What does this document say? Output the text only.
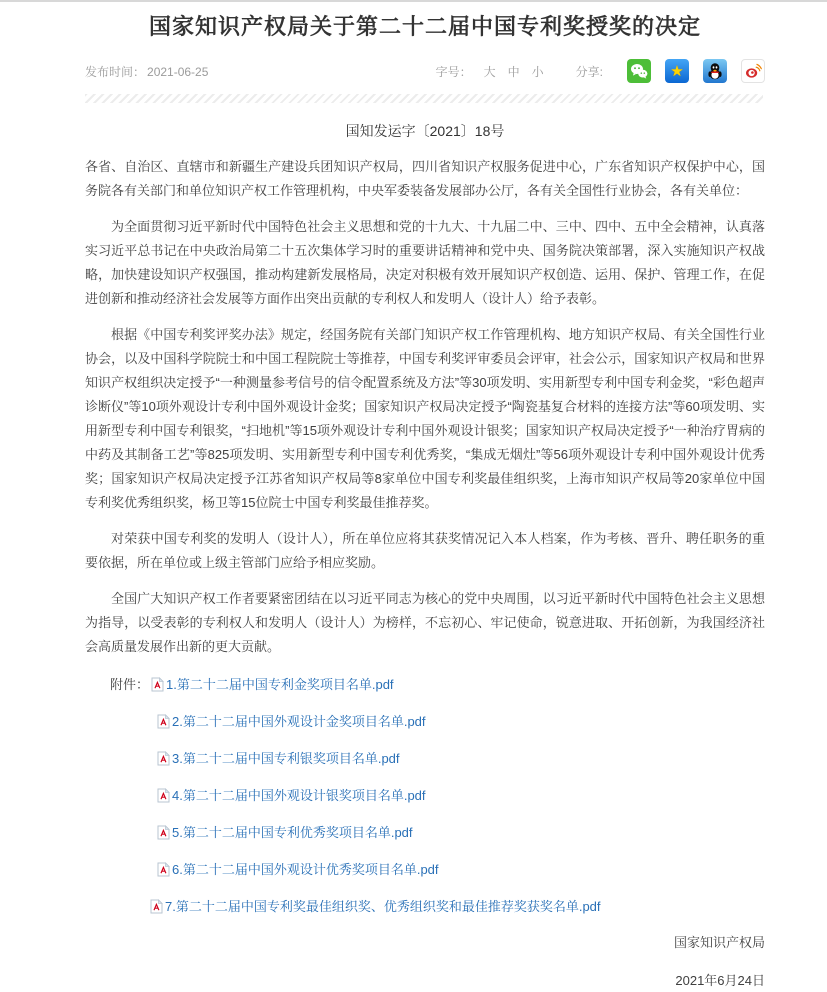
国家知识产权局关于第二十二届中国专利奖授奖的决定
发布时间： 2021-06-25	字号： 大 中 小	分享:	★
国知发运字〔2021〕18号

各省、自治区、直辖市和新疆生产建设兵团知识产权局，四川省知识产权服务促进中心，广东省知识产权保护中心，国务院各有关部门和单位知识产权工作管理机构，中央军委装备发展部办公厅，各有关全国性行业协会，各有关单位：

为全面贯彻习近平新时代中国特色社会主义思想和党的十九大、十九届二中、三中、四中、五中全会精神，认真落实习近平总书记在中央政治局第二十五次集体学习时的重要讲话精神和党中央、国务院决策部署，深入实施知识产权战略，加快建设知识产权强国，推动构建新发展格局，决定对积极有效开展知识产权创造、运用、保护、管理工作，在促进创新和推动经济社会发展等方面作出突出贡献的专利权人和发明人（设计人）给予表彰。

根据《中国专利奖评奖办法》规定，经国务院有关部门知识产权工作管理机构、地方知识产权局、有关全国性行业协会，以及中国科学院院士和中国工程院院士等推荐，中国专利奖评审委员会评审，社会公示，国家知识产权局和世界知识产权组织决定授予“一种测量参考信号的信令配置系统及方法”等30项发明、实用新型专利中国专利金奖，“彩色超声诊断仪”等10项外观设计专利中国外观设计金奖；国家知识产权局决定授予“陶瓷基复合材料的连接方法”等60项发明、实用新型专利中国专利银奖，“扫地机”等15项外观设计专利中国外观设计银奖；国家知识产权局决定授予“一种治疗胃病的中药及其制备工艺”等825项发明、实用新型专利中国专利优秀奖，“集成无烟灶”等56项外观设计专利中国外观设计优秀奖；国家知识产权局决定授予江苏省知识产权局等8家单位中国专利奖最佳组织奖，上海市知识产权局等20家单位中国专利奖优秀组织奖，杨卫等15位院士中国专利奖最佳推荐奖。

对荣获中国专利奖的发明人（设计人），所在单位应将其获奖情况记入本人档案，作为考核、晋升、聘任职务的重要依据，所在单位或上级主管部门应给予相应奖励。

全国广大知识产权工作者要紧密团结在以习近平同志为核心的党中央周围，以习近平新时代中国特色社会主义思想为指导，以受表彰的专利权人和发明人（设计人）为榜样，不忘初心、牢记使命，锐意进取、开拓创新，为我国经济社会高质量发展作出新的更大贡献。

附件： 1.第二十二届中国专利金奖项目名单.pdf
2.第二十二届中国外观设计金奖项目名单.pdf
3.第二十二届中国专利银奖项目名单.pdf
4.第二十二届中国外观设计银奖项目名单.pdf
5.第二十二届中国专利优秀奖项目名单.pdf
6.第二十二届中国外观设计优秀奖项目名单.pdf
7.第二十二届中国专利奖最佳组织奖、优秀组织奖和最佳推荐奖获奖名单.pdf
国家知识产权局
2021年6月24日
